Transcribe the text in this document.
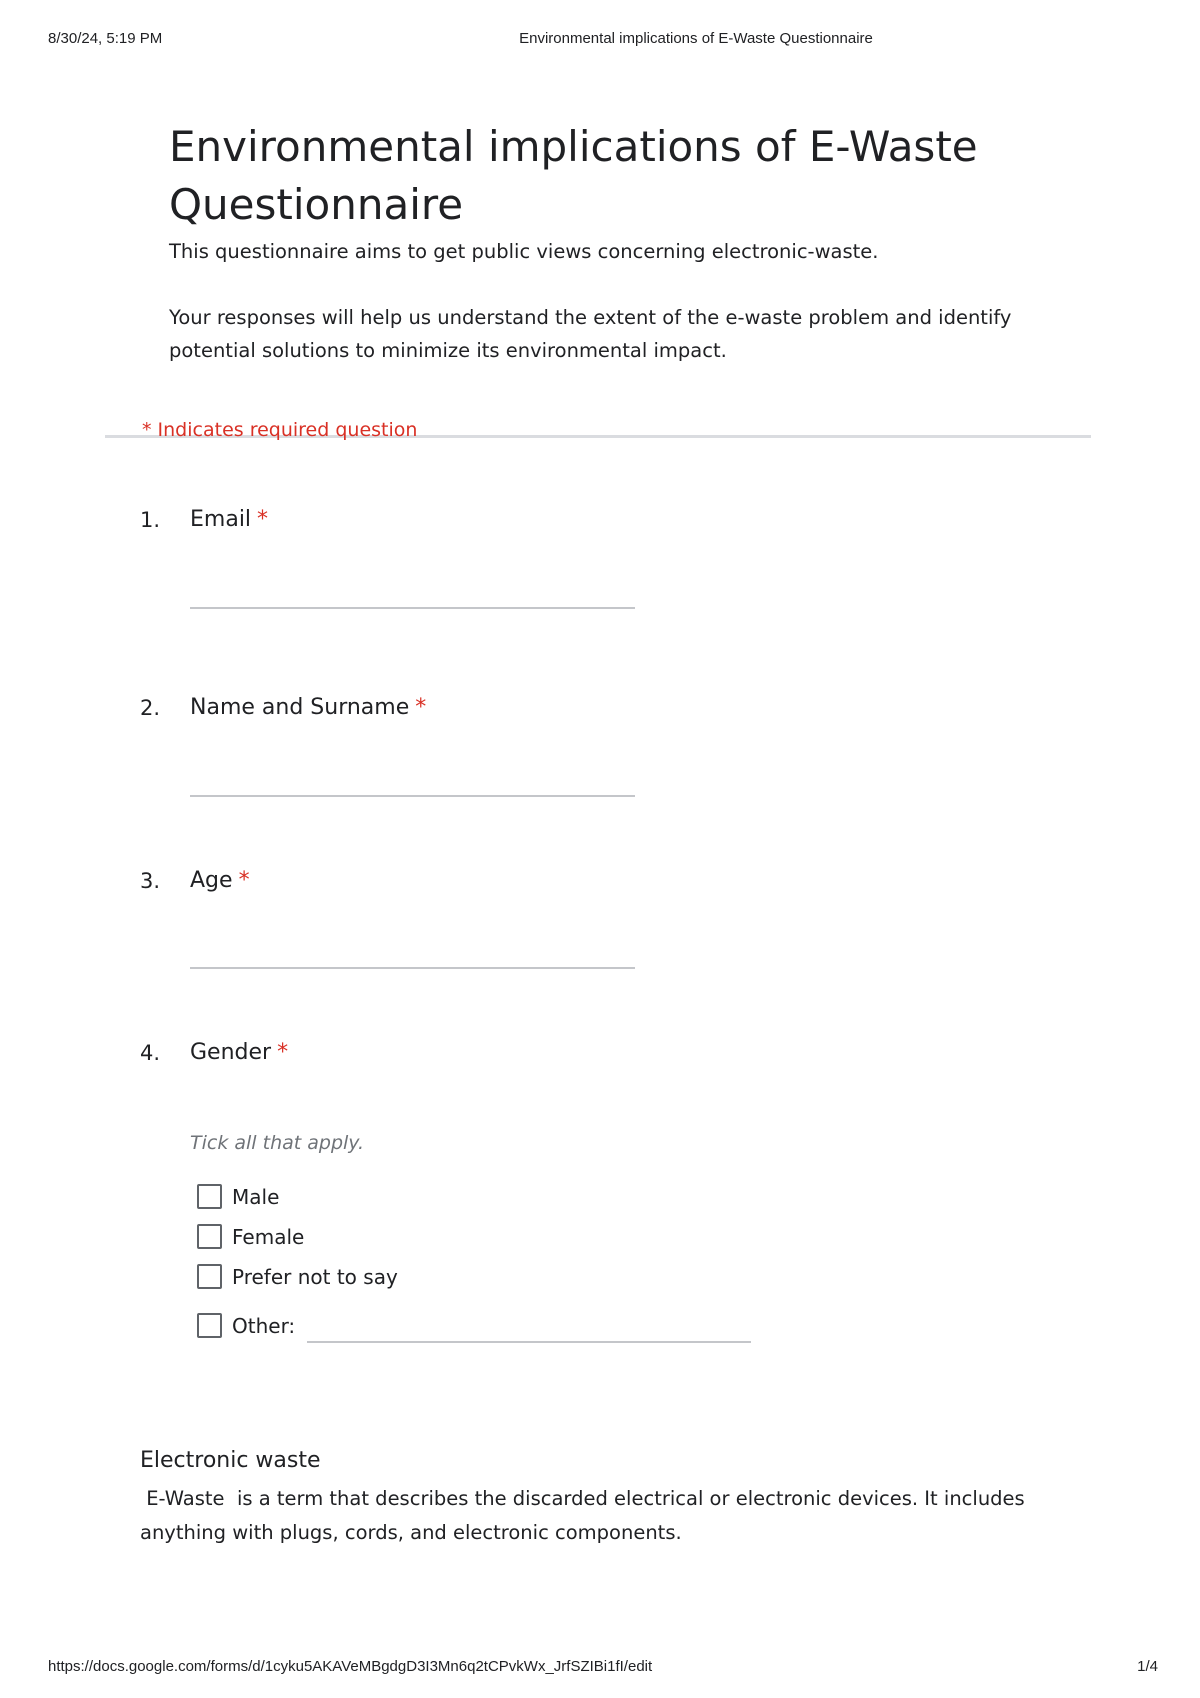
8/30/24, 5:19 PM	Environmental implications of E-Waste Questionnaire
Environmental implications of E-Waste Questionnaire

This questionnaire aims to get public views concerning electronic-waste.

Your responses will help us understand the extent of the e-waste problem and identify potential solutions to minimize its environmental impact.

* Indicates required question
1.	Email *
2.	Name and Surname *
3.	Age *
4.	Gender *
Tick all that apply.
Male
Female
Prefer not to say
Other:
Electronic waste
E-Waste  is a term that describes the discarded electrical or electronic devices. It includes anything with plugs, cords, and electronic components.
https://docs.google.com/forms/d/1cyku5AKAVeMBgdgD3I3Mn6q2tCPvkWx_JrfSZIBi1fI/edit	1/4
